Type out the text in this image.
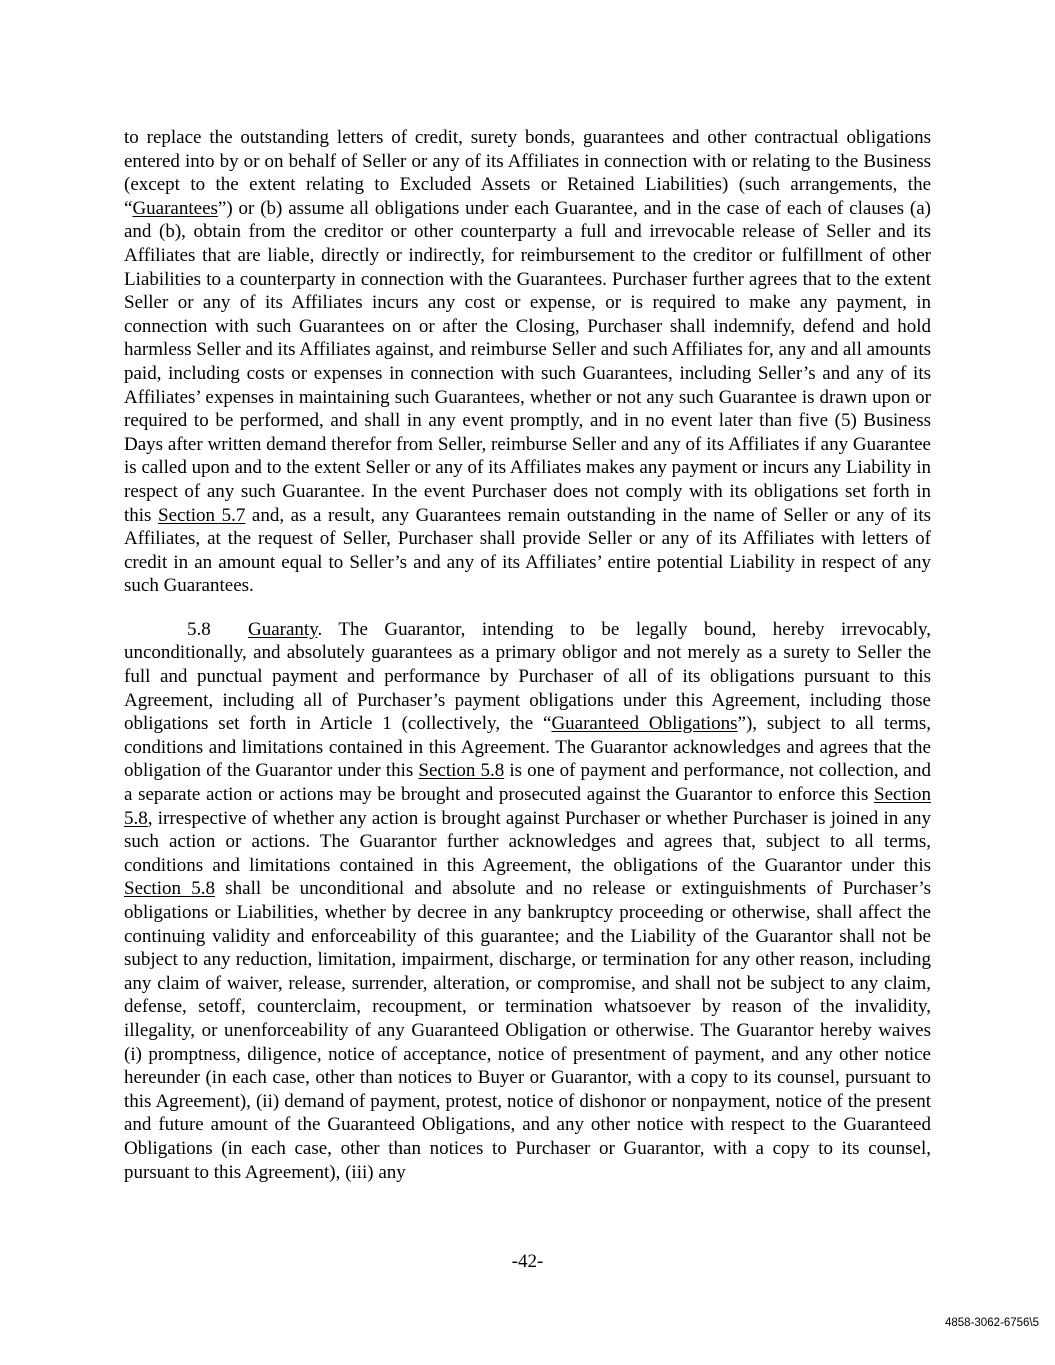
to replace the outstanding letters of credit, surety bonds, guarantees and other contractual obligations entered into by or on behalf of Seller or any of its Affiliates in connection with or relating to the Business (except to the extent relating to Excluded Assets or Retained Liabilities) (such arrangements, the “Guarantees”) or (b) assume all obligations under each Guarantee, and in the case of each of clauses (a) and (b), obtain from the creditor or other counterparty a full and irrevocable release of Seller and its Affiliates that are liable, directly or indirectly, for reimbursement to the creditor or fulfillment of other Liabilities to a counterparty in connection with the Guarantees. Purchaser further agrees that to the extent Seller or any of its Affiliates incurs any cost or expense, or is required to make any payment, in connection with such Guarantees on or after the Closing, Purchaser shall indemnify, defend and hold harmless Seller and its Affiliates against, and reimburse Seller and such Affiliates for, any and all amounts paid, including costs or expenses in connection with such Guarantees, including Seller’s and any of its Affiliates’ expenses in maintaining such Guarantees, whether or not any such Guarantee is drawn upon or required to be performed, and shall in any event promptly, and in no event later than five (5) Business Days after written demand therefor from Seller, reimburse Seller and any of its Affiliates if any Guarantee is called upon and to the extent Seller or any of its Affiliates makes any payment or incurs any Liability in respect of any such Guarantee. In the event Purchaser does not comply with its obligations set forth in this Section 5.7 and, as a result, any Guarantees remain outstanding in the name of Seller or any of its Affiliates, at the request of Seller, Purchaser shall provide Seller or any of its Affiliates with letters of credit in an amount equal to Seller’s and any of its Affiliates’ entire potential Liability in respect of any such Guarantees.

5.8 Guaranty. The Guarantor, intending to be legally bound, hereby irrevocably, unconditionally, and absolutely guarantees as a primary obligor and not merely as a surety to Seller the full and punctual payment and performance by Purchaser of all of its obligations pursuant to this Agreement, including all of Purchaser’s payment obligations under this Agreement, including those obligations set forth in Article 1 (collectively, the “Guaranteed Obligations”), subject to all terms, conditions and limitations contained in this Agreement. The Guarantor acknowledges and agrees that the obligation of the Guarantor under this Section 5.8 is one of payment and performance, not collection, and a separate action or actions may be brought and prosecuted against the Guarantor to enforce this Section 5.8, irrespective of whether any action is brought against Purchaser or whether Purchaser is joined in any such action or actions. The Guarantor further acknowledges and agrees that, subject to all terms, conditions and limitations contained in this Agreement, the obligations of the Guarantor under this Section 5.8 shall be unconditional and absolute and no release or extinguishments of Purchaser’s obligations or Liabilities, whether by decree in any bankruptcy proceeding or otherwise, shall affect the continuing validity and enforceability of this guarantee; and the Liability of the Guarantor shall not be subject to any reduction, limitation, impairment, discharge, or termination for any other reason, including any claim of waiver, release, surrender, alteration, or compromise, and shall not be subject to any claim, defense, setoff, counterclaim, recoupment, or termination whatsoever by reason of the invalidity, illegality, or unenforceability of any Guaranteed Obligation or otherwise. The Guarantor hereby waives (i) promptness, diligence, notice of acceptance, notice of presentment of payment, and any other notice hereunder (in each case, other than notices to Buyer or Guarantor, with a copy to its counsel, pursuant to this Agreement), (ii) demand of payment, protest, notice of dishonor or nonpayment, notice of the present and future amount of the Guaranteed Obligations, and any other notice with respect to the Guaranteed Obligations (in each case, other than notices to Purchaser or Guarantor, with a copy to its counsel, pursuant to this Agreement), (iii) any

-42-
4858-3062-6756\5
